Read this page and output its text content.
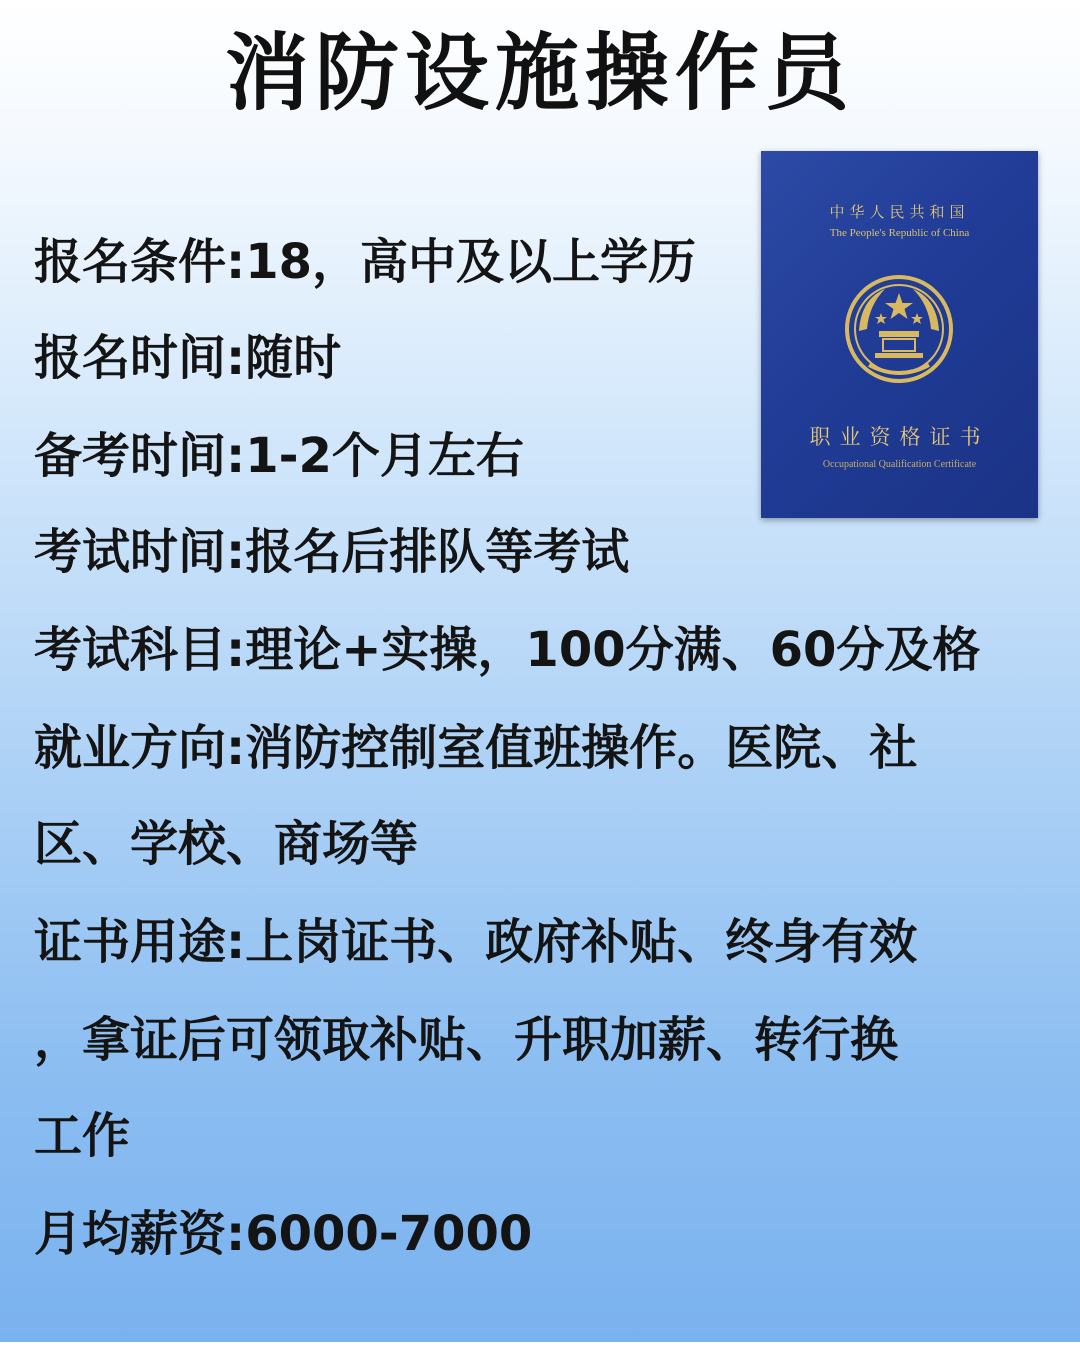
消防设施操作员
中华人民共和国
The People's Republic of China
职业资格证书
Occupational Qualification Certificate
报名条件:18，高中及以上学历
报名时间:随时
备考时间:1-2个月左右
考试时间:报名后排队等考试
考试科目:理论+实操，100分满、60分及格
就业方向:消防控制室值班操作。医院、社
区、学校、商场等
证书用途:上岗证书、政府补贴、终身有效
，拿证后可领取补贴、升职加薪、转行换
工作
月均薪资:6000-7000
